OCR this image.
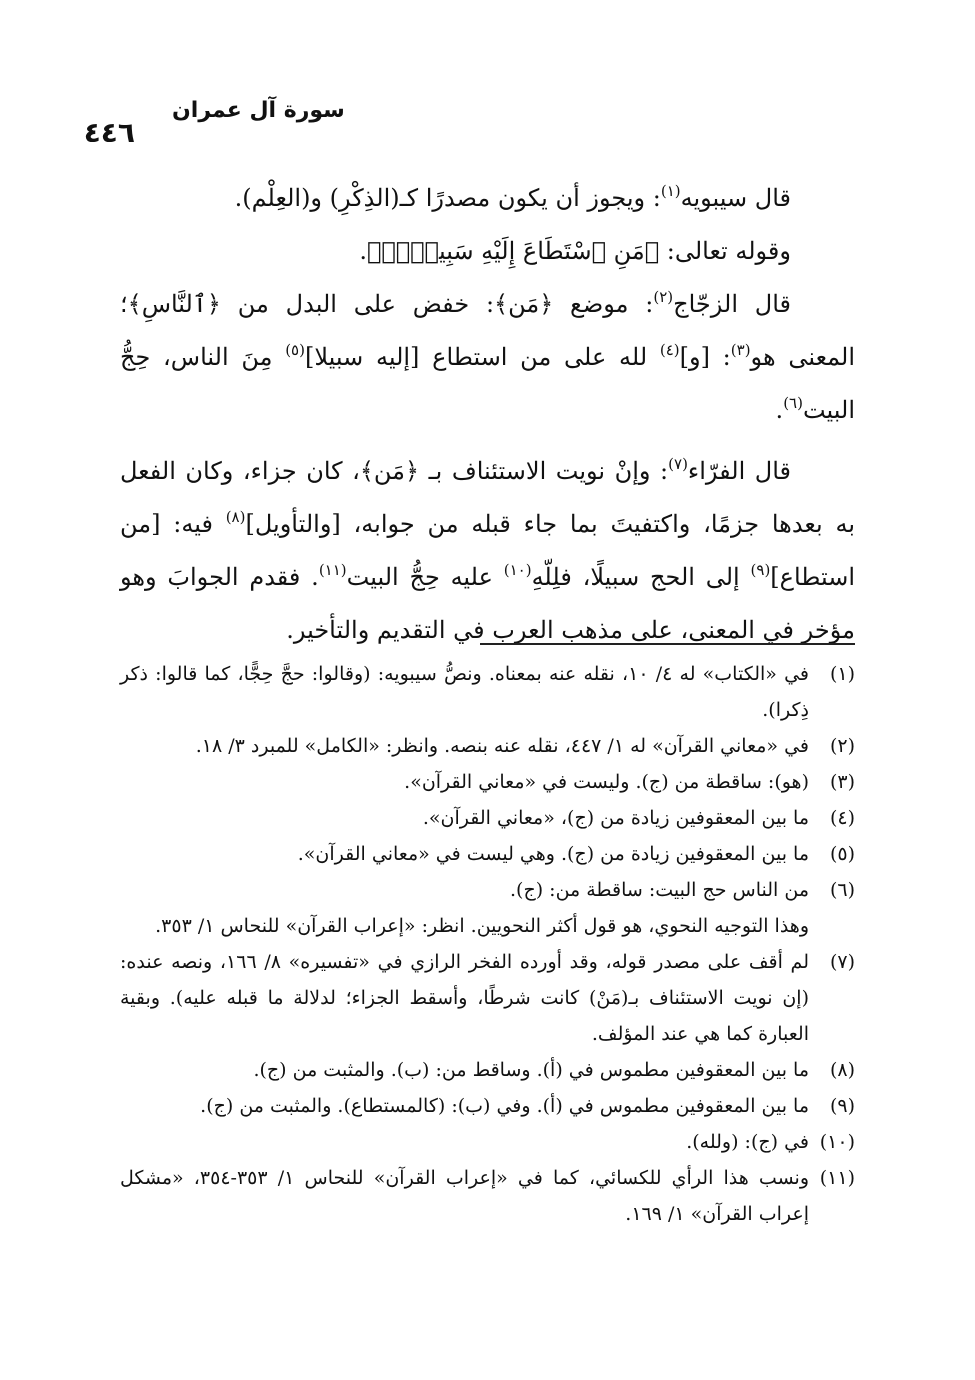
٤٤٦
سورة آل عمران

قال سيبويه$^{(١)}$: ويجوز أن يكون مصدرًا كـ(الذِكْرِ) و(العِلْم).

وقوله تعالى: ﴿مَنِ ٱسْتَطَاعَ إِلَيْهِ سَبِيلًاۚ﴾.

قال الزجّاج$^{(٢)}$: موضع ﴿مَن﴾: خفض على البدل من ﴿ٱلنَّاسِ﴾؛ المعنى هو$^{(٣)}$: [و]$^{(٤)}$ لله على من استطاع [إليه سبيلا]$^{(٥)}$ مِنَ الناس، حِجُّ البيت$^{(٦)}$.

قال الفرّاء$^{(٧)}$: وإنْ نويت الاستئناف بـ ﴿مَن﴾، كان جزاء، وكان الفعل به بعدها جزمًا، واكتفيتَ بما جاء قبله من جوابه، [والتأويل]$^{(٨)}$ فيه: [من استطاع]$^{(٩)}$ إلى الحج سبيلًا، فلِلّهِ$^{(١٠)}$ عليه حِجُّ البيت$^{(١١)}$. فقدم الجوابَ وهو مؤخر في المعنى، على مذهب العرب في التقديم والتأخير.

(١)
في «الكتاب» له ٤/ ١٠، نقله عنه بمعناه. ونصُّ سيبويه: (وقالوا: حجَّ حِجًّا، كما قالوا: ذكر ذِكرا).
(٢)
في «معاني القرآن» له ١/ ٤٤٧، نقله عنه بنصه. وانظر: «الكامل» للمبرد ٣/ ١٨.
(٣)
(هو): ساقطة من (ج). وليست في «معاني القرآن».
(٤)
ما بين المعقوفين زيادة من (ج)، «معاني القرآن».
(٥)
ما بين المعقوفين زيادة من (ج). وهي ليست في «معاني القرآن».
(٦)
من الناس حج البيت: ساقطة من: (ج).
وهذا التوجيه النحوي، هو قول أكثر النحويين. انظر: «إعراب القرآن» للنحاس ١/ ٣٥٣.
(٧)
لم أقف على مصدر قوله، وقد أورده الفخر الرازي في «تفسيره» ٨/ ١٦٦، ونصه عنده: (إن نويت الاستئناف بـ(مَنْ) كانت شرطًا، وأسقط الجزاء؛ لدلالة ما قبله عليه). وبقية العبارة كما هي عند المؤلف.
(٨)
ما بين المعقوفين مطموس في (أ). وساقط من: (ب). والمثبت من (ج).
(٩)
ما بين المعقوفين مطموس في (أ). وفي (ب): (كالمستطاع). والمثبت من (ج).
(١٠)
في (ج): (ولله).
(١١)
ونسب هذا الرأي للكسائي، كما في «إعراب القرآن» للنحاس ١/ ٣٥٣-٣٥٤، «مشكل إعراب القرآن» ١/ ١٦٩.
